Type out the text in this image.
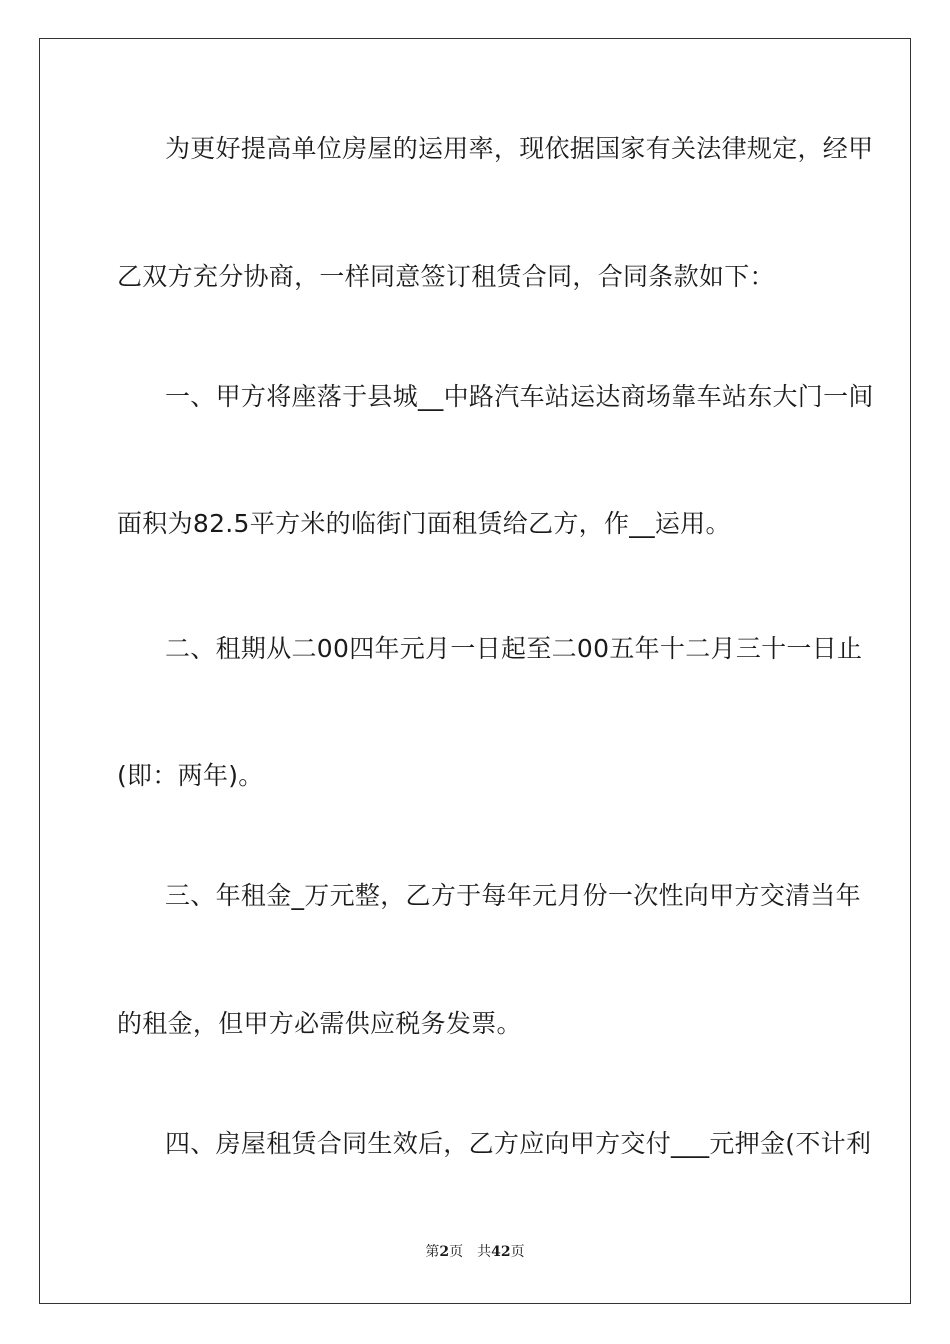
为更好提高单位房屋的运用率，现依据国家有关法律规定，经甲
乙双方充分协商，一样同意签订租赁合同，合同条款如下：
一、甲方将座落于县城__中路汽车站运达商场靠车站东大门一间
面积为82.5平方米的临街门面租赁给乙方，作__运用。
二、租期从二00四年元月一日起至二00五年十二月三十一日止
(即：两年)。
三、年租金_万元整，乙方于每年元月份一次性向甲方交清当年
的租金，但甲方必需供应税务发票。
四、房屋租赁合同生效后，乙方应向甲方交付___元押金(不计利
第2页 共42页
